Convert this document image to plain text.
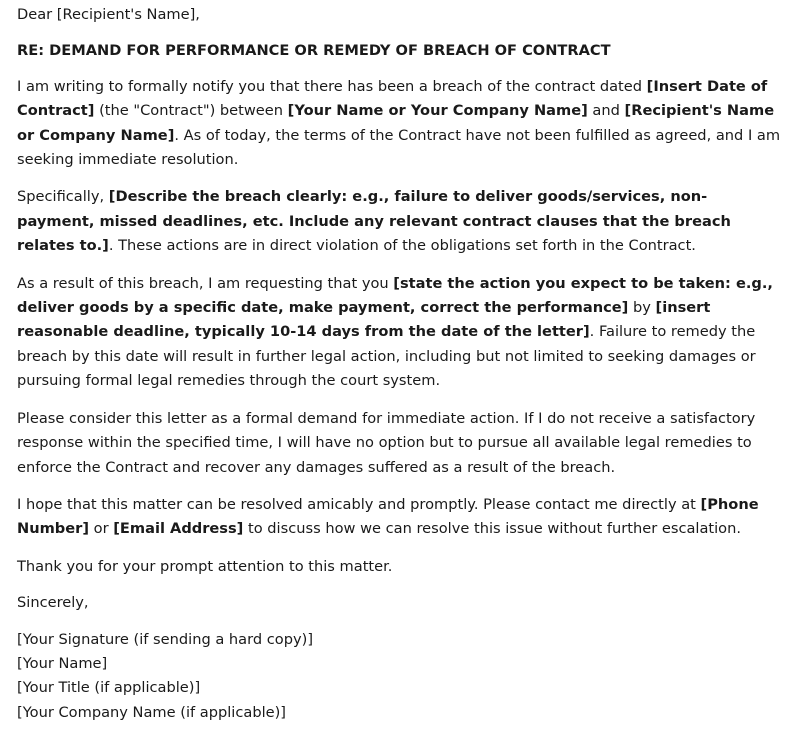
Dear [Recipient's Name],

RE: DEMAND FOR PERFORMANCE OR REMEDY OF BREACH OF CONTRACT

I am writing to formally notify you that there has been a breach of the contract dated [Insert Date of Contract] (the "Contract") between [Your Name or Your Company Name] and [Recipient's Name or Company Name]. As of today, the terms of the Contract have not been fulfilled as agreed, and I am seeking immediate resolution.

Specifically, [Describe the breach clearly: e.g., failure to deliver goods/services, non-payment, missed deadlines, etc. Include any relevant contract clauses that the breach relates to.]. These actions are in direct violation of the obligations set forth in the Contract.

As a result of this breach, I am requesting that you [state the action you expect to be taken: e.g., deliver goods by a specific date, make payment, correct the performance] by [insert reasonable deadline, typically 10-14 days from the date of the letter]. Failure to remedy the breach by this date will result in further legal action, including but not limited to seeking damages or pursuing formal legal remedies through the court system.

Please consider this letter as a formal demand for immediate action. If I do not receive a satisfactory response within the specified time, I will have no option but to pursue all available legal remedies to enforce the Contract and recover any damages suffered as a result of the breach.

I hope that this matter can be resolved amicably and promptly. Please contact me directly at [Phone Number] or [Email Address] to discuss how we can resolve this issue without further escalation.

Thank you for your prompt attention to this matter.

Sincerely,

[Your Signature (if sending a hard copy)]
[Your Name]
[Your Title (if applicable)]
[Your Company Name (if applicable)]
